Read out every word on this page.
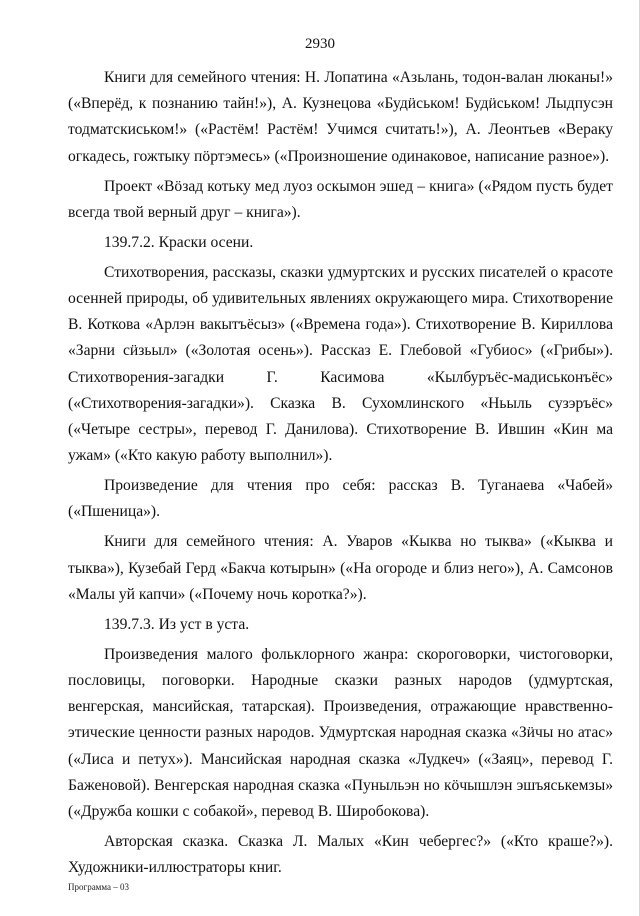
2930

Книги для семейного чтения: Н. Лопатина «Азьлань, тодон-валан люканы!» («Вперёд, к познанию тайн!»), А. Кузнецова «Будӥськом! Будӥськом! Лыдпусэн тодматскиськом!» («Растём! Растём! Учимся считать!»), А. Леонтьев «Вераку огкадесь, гожтыку пӧртэмесь» («Произношение одинаковое, написание разное»).

Проект «Вӧзад котьку мед луоз оскымон эшед – книга» («Рядом пусть будет всегда твой верный друг – книга»).

139.7.2. Краски осени.

Стихотворения, рассказы, сказки удмуртских и русских писателей о красоте осенней природы, об удивительных явлениях окружающего мира. Стихотворение В. Коткова «Арлэн вакытъёсыз» («Времена года»). Стихотворение В. Кириллова «Зарни сӥзьыл» («Золотая осень»). Рассказ Е. Глебовой «Губиос» («Грибы»). Стихотворения-загадки Г. Касимова «Кылбуръёс-мадиськонъёс» («Стихотворения-загадки»). Сказка В. Сухомлинского «Ньыль сузэръёс» («Четыре сестры», перевод Г. Данилова). Стихотворение В. Ившин «Кин ма ужам» («Кто какую работу выполнил»).

Произведение для чтения про себя: рассказ В. Туганаева «Чабей» («Пшеница»).

Книги для семейного чтения: А. Уваров «Кыква но тыква» («Кыква и тыква»), Кузебай Герд «Бакча котырын» («На огороде и близ него»), А. Самсонов «Малы уй капчи» («Почему ночь коротка?»).

139.7.3. Из уст в уста.

Произведения малого фольклорного жанра: скороговорки, чистоговорки, пословицы, поговорки. Народные сказки разных народов (удмуртская, венгерская, мансийская, татарская). Произведения, отражающие нравственно-этические ценности разных народов. Удмуртская народная сказка «Зӥчы но атас» («Лиса и петух»). Мансийская народная сказка «Лудкеч» («Заяц», перевод Г. Баженовой). Венгерская народная сказка «Пуныльэн но кӧчышлэн эшъяськемзы» («Дружба кошки с собакой», перевод В. Широбокова).

Авторская сказка. Сказка Л. Малых «Кин чебергес?» («Кто краше?»). Художники-иллюстраторы книг.

Программа – 03
